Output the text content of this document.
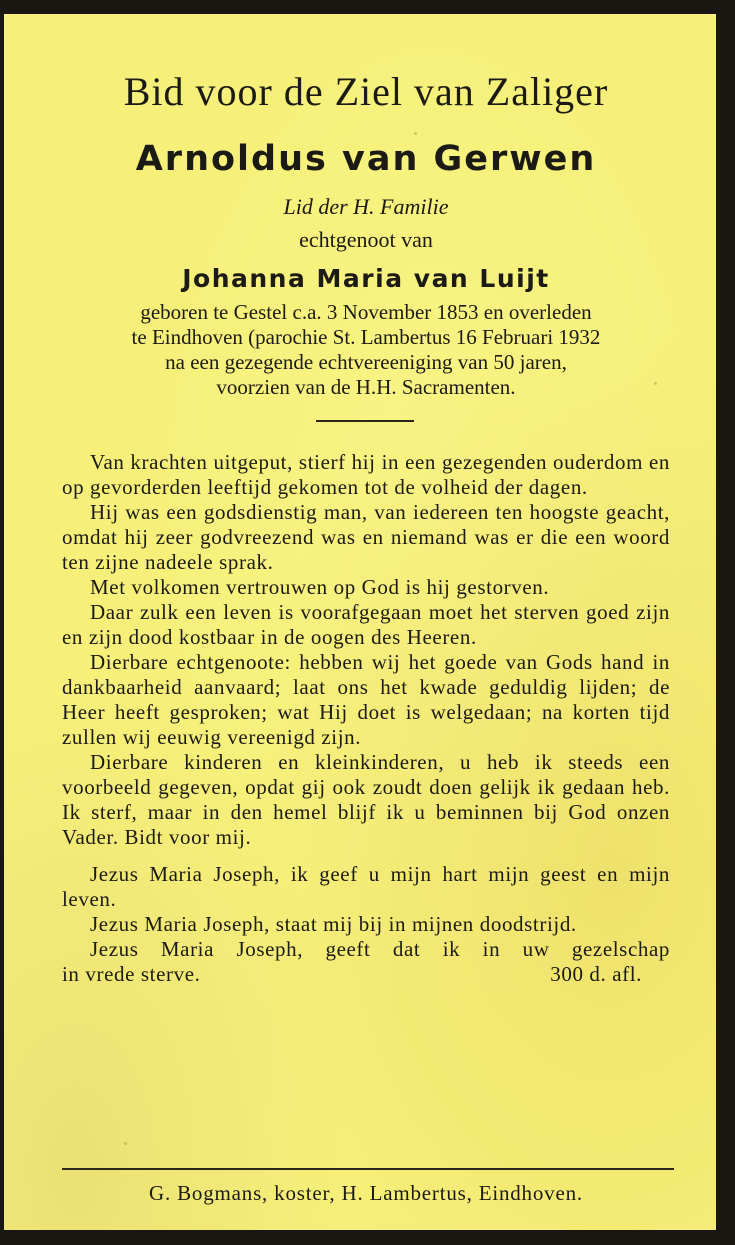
Bid voor de Ziel van Zaliger
Arnoldus van Gerwen
Lid der H. Familie
echtgenoot van
Johanna Maria van Luijt
geboren te Gestel c.a. 3 November 1853 en overleden
te Eindhoven (parochie St. Lambertus 16 Februari 1932
na een gezegende echtvereeniging van 50 jaren,
voorzien van de H.H. Sacramenten.

Van krachten uitgeput, stierf hij in een gezegenden ouderdom en op gevorderden leeftijd gekomen tot de volheid der dagen.

Hij was een godsdienstig man, van iedereen ten hoogste geacht, omdat hij zeer godvreezend was en niemand was er die een woord ten zijne nadeele sprak.

Met volkomen vertrouwen op God is hij gestorven.

Daar zulk een leven is voorafgegaan moet het sterven goed zijn en zijn dood kostbaar in de oogen des Heeren.

Dierbare echtgenoote: hebben wij het goede van Gods hand in dankbaarheid aanvaard; laat ons het kwade geduldig lijden; de Heer heeft gesproken; wat Hij doet is welgedaan; na korten tijd zullen wij eeuwig vereenigd zijn.

Dierbare kinderen en kleinkinderen, u heb ik steeds een voorbeeld gegeven, opdat gij ook zoudt doen gelijk ik gedaan heb. Ik sterf, maar in den hemel blijf ik u beminnen bij God onzen Vader. Bidt voor mij.

Jezus Maria Joseph, ik geef u mijn hart mijn geest en mijn leven.

Jezus Maria Joseph, staat mij bij in mijnen doodstrijd.

Jezus Maria Joseph, geeft dat ik in uw gezelschap

in vrede sterve.	300 d. afl.
G. Bogmans, koster, H. Lambertus, Eindhoven.
